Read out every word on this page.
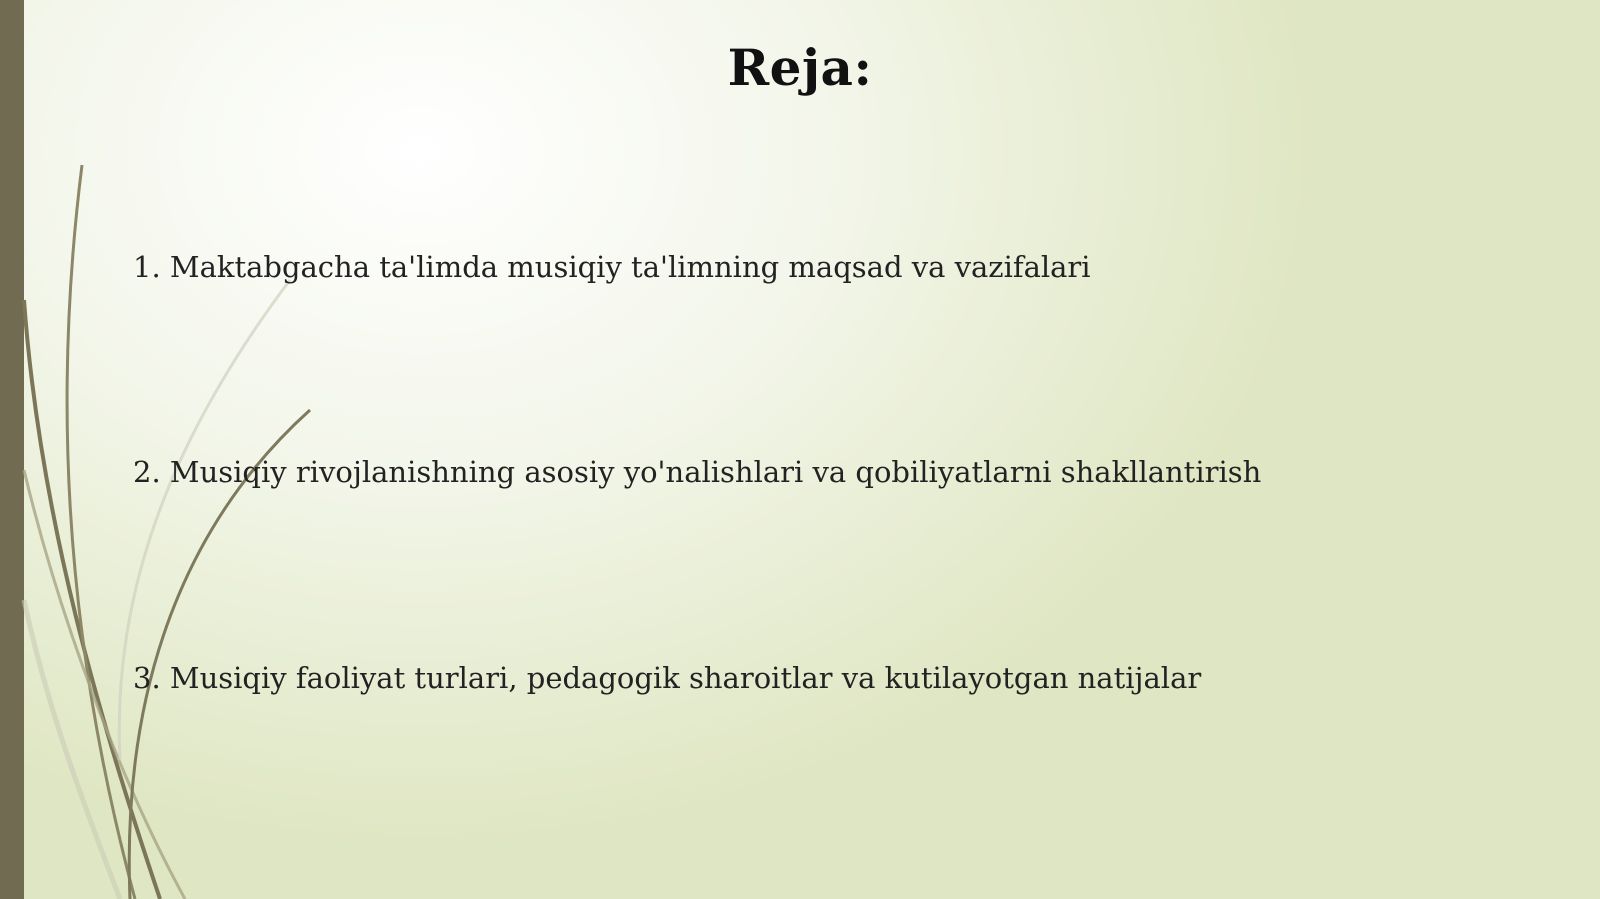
Reja:
1. Maktabgacha ta'limda musiqiy ta'limning maqsad va vazifalari
2. Musiqiy rivojlanishning asosiy yo'nalishlari va qobiliyatlarni shakllantirish
3. Musiqiy faoliyat turlari, pedagogik sharoitlar va kutilayotgan natijalar
